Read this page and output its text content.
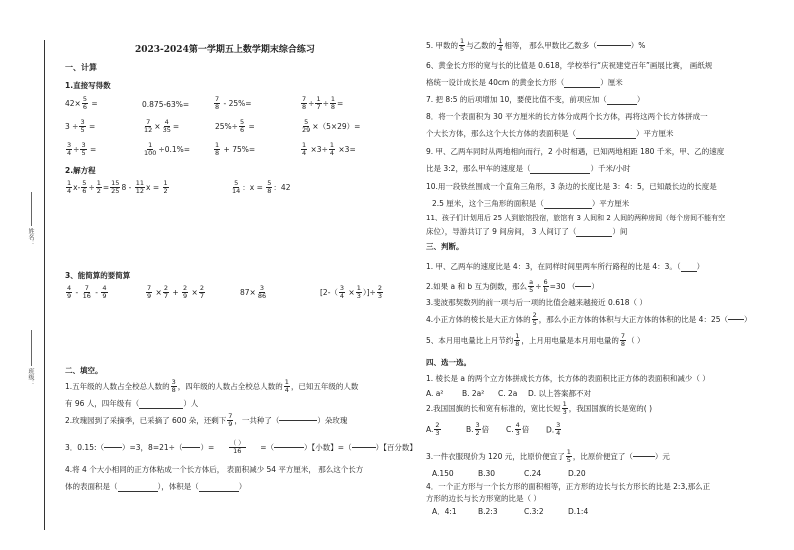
姓名：
班级：
2023-2024第一学期五上数学期末综合练习
一、计算
1.直接写得数
$42\times \frac{5}{6}$ =	0.875-63%=	$\frac{7}{8} - 25\%=$	$\frac{7}{8} \div \frac{1}{7} \div \frac{1}{8}$ =
$3 \div \frac{3}{5}$ =	$\frac{7}{12} \times \frac{4}{35}$ =	$25\%\div \frac{5}{6}$ =	$\frac{5}{29} \times(5\times 29)=$
$\frac{3}{4} \div \frac{3}{5}$ =	$\frac{1}{100} \div 0.1\%=$	$\frac{1}{8} + 75\%=$	$\frac{1}{4} \times 3\div \frac{1}{4} \times 3=$
2.解方程
$\frac{1}{4} x- \frac{5}{6} \div \frac{1}{2} = \frac{15}{25} 8 - \frac{11}{12}$ $x = \frac{1}{2}$	$\frac{5}{14}$ ：$x = \frac{5}{8}$ ：42
3、能简算的要简算
$\frac{4}{9} - \frac{7}{16} - \frac{4}{9}$	$\frac{7}{9} \times \frac{2}{7} + \frac{2}{9} \times \frac{2}{7}$	$87\times \frac{3}{86}$	[$2-( \frac{3}{4} \times \frac{1}{3}$ ）]÷ $\frac{2}{3}$
二、填空。
1.五年级的人数占全校总人数的 $\frac{3}{8}$ ，四年级的人数占全校总人数的 $\frac{1}{4}$ ，已知五年级的人数
有 96 人，四年级有（	）人
2.玫瑰园到了采摘季，已采摘了 600 朵，还剩下 $\frac{7}{9}$ ，一共种了（	）朵玫瑰
3．0.15:（ ）=3，8=21÷（ ）= $\frac{( )}{16}$ =（	）【小数】=（	）【百分数】
4.将 4 个大小相同的正方体粘成一个长方体后， 表面积减少 54 平方厘米， 那么这个长方
体的表面积是（	），体积是（	）
5. 甲数的 $\frac{1}{5}$ 与乙数的 $\frac{1}{4}$ 相等， 那么甲数比乙数多（	）%
6、黄金长方形的宽与长的比值是 0.618，学校举行“庆祝建党百年”画展比赛， 画纸规
格统一设计成长是 40cm 的黄金长方形（	）厘米
7. 把 8:5 的后项增加 10，要使比值不变，前项应加（	）
8．将一个表面积为 30 平方厘米的长方体分成两个长方体，再将这两个长方体拼成一
个大长方体，那么这个大长方体的表面积是（	）平方厘米
9. 甲、乙两车同时从两地相向而行，2 小时相遇，已知两地相距 180 千米，甲、乙的速度
比是 3:2，那么甲车的速度是（	）千米/小时
10.用一段铁丝围成一个直角三角形，3 条边的长度比是 3：4：5，已知最长边的长度是
2.5 厘米，这个三角形的面积是（	）平方厘米
11、孩子们计划用后 25 人到旅馆投宿，旅馆有 3 人间和 2 人间的两种房间（每个房间不能有空
床位），导游共订了 9 间房间， 3 人间订了（	）间
三、判断。
1. 甲、乙两车的速度比是 4：3，在同样时间里两车所行路程的比是 4：3。（ ）
2.如果 a 和 b 互为倒数，那么 $\frac{a}{5} \div \frac{6}{b} =30$ （ ）
3.斐波那契数列的前一项与后一项的比值会越来越接近 0.618（ ）
4.小正方体的棱长是大正方体的 $\frac{2}{5}$ ，那么小正方体的体积与大正方体的体积的比是 4：25（ ）
5、本月用电量比上月节约 $\frac{1}{8}$ ，上月用电量是本月用电量的 $\frac{7}{8}$ （ ）
四、选一选。
1. 棱长是 a 的两个立方体拼成长方体，长方体的表面积比正方体的表面积和减少（ ）
A. a² B. 2a² C. 2a D. 以上答案都不对
2.我国国旗的长和宽有标准的，宽比长短 $\frac{1}{3}$ ，我国国旗的长是宽的( )
A. $\frac{2}{3}$	B. $\frac{3}{2}$ 倍 C. $\frac{4}{3}$ 倍 D. $\frac{3}{4}$
3.一件衣服现价为 120 元，比原价便宜了 $\frac{1}{5}$ ，比原价便宜了（	）元
A.150	B.30	C.24	D.20
4．一个正方形与一个长方形的面积相等，正方形的边长与长方形长的比是 2:3,那么正
方形的边长与长方形宽的比是（ ）
A．4:1	B.2:3	C.3:2	D.1:4
